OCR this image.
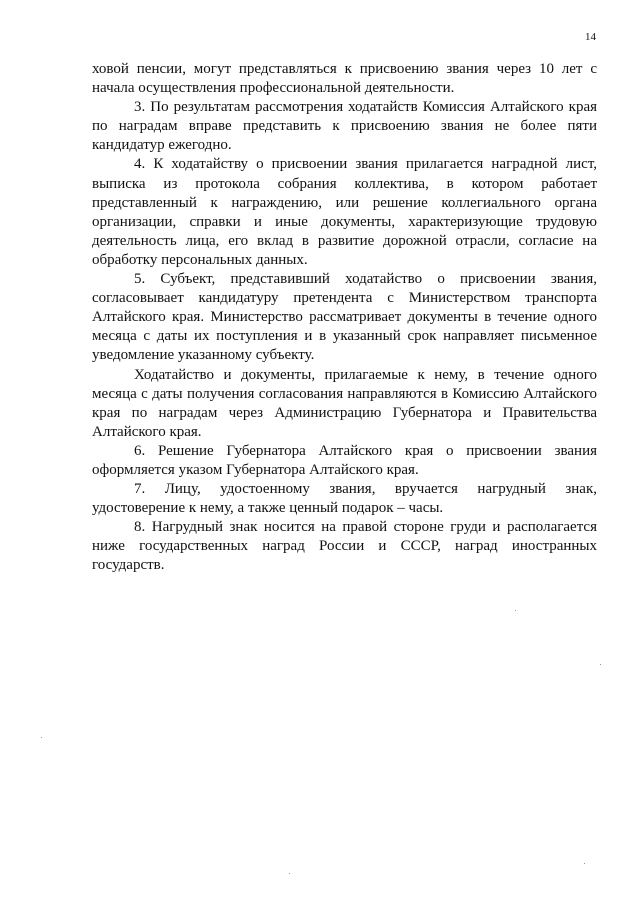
14

ховой пенсии, могут представляться к присвоению звания через 10 лет с начала осуществления профессиональной деятельности.

3. По результатам рассмотрения ходатайств Комиссия Алтайского края по наградам вправе представить к присвоению звания не более пяти кандидатур ежегодно.

4. К ходатайству о присвоении звания прилагается наградной лист, выписка из протокола собрания коллектива, в котором работает представленный к награждению, или решение коллегиального органа организации, справки и иные документы, характеризующие трудовую деятельность лица, его вклад в развитие дорожной отрасли, согласие на обработку персональных данных.

5. Субъект, представивший ходатайство о присвоении звания, согласовывает кандидатуру претендента с Министерством транспорта Алтайского края. Министерство рассматривает документы в течение одного месяца с даты их поступления и в указанный срок направляет письменное уведомление указанному субъекту.

Ходатайство и документы, прилагаемые к нему, в течение одного месяца с даты получения согласования направляются в Комиссию Алтайского края по наградам через Администрацию Губернатора и Правительства Алтайского края.

6. Решение Губернатора Алтайского края о присвоении звания оформляется указом Губернатора Алтайского края.

7. Лицу, удостоенному звания, вручается нагрудный знак, удостоверение к нему, а также ценный подарок – часы.

8. Нагрудный знак носится на правой стороне груди и располагается ниже государственных наград России и СССР, наград иностранных государств.
